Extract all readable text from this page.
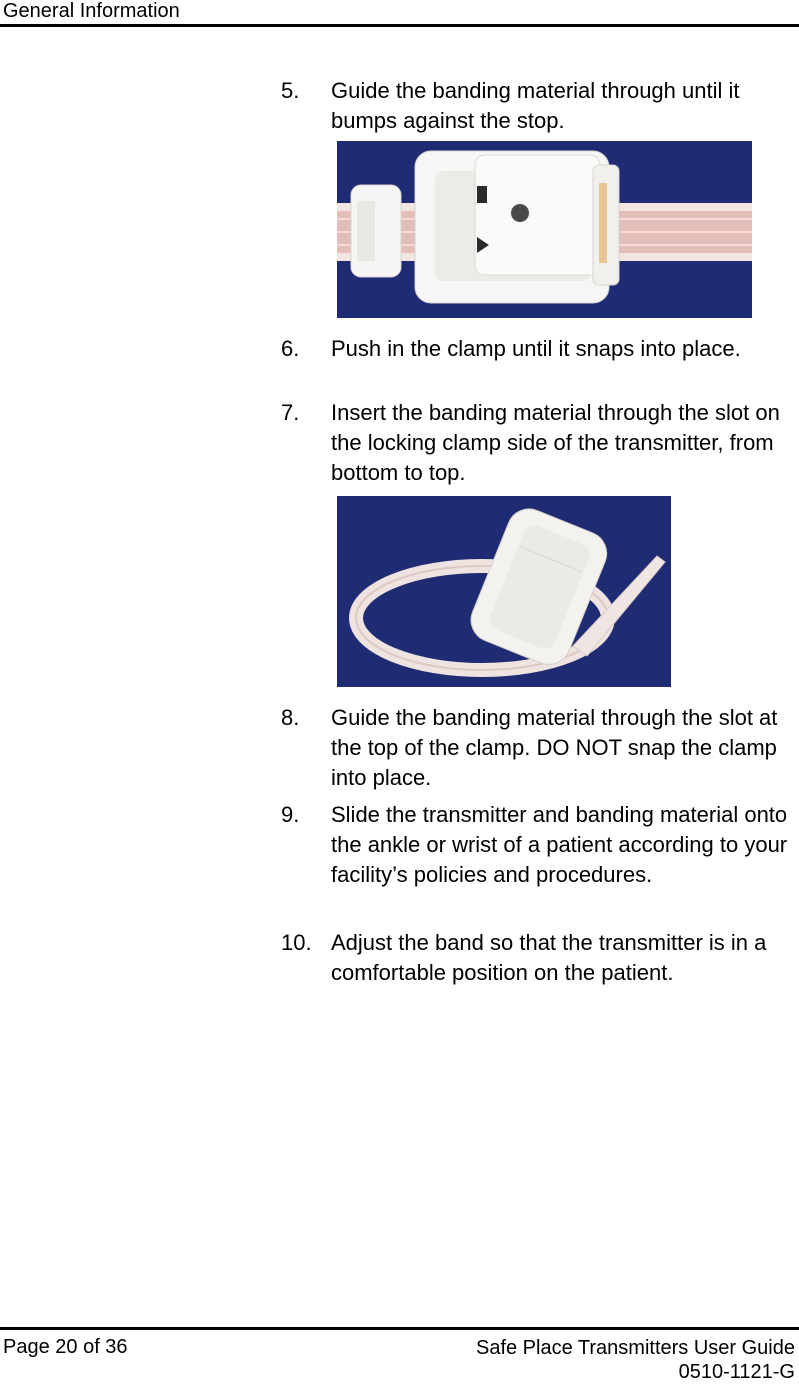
General Information
5. Guide the banding material through until it bumps against the stop.
6. Push in the clamp until it snaps into place.
7. Insert the banding material through the slot on the locking clamp side of the transmitter, from bottom to top.
8. Guide the banding material through the slot at the top of the clamp. DO NOT snap the clamp into place.
9. Slide the transmitter and banding material onto the ankle or wrist of a patient according to your facility’s policies and procedures.
10. Adjust the band so that the transmitter is in a comfortable position on the patient.
Page 20 of 36	Safe Place Transmitters User Guide
0510-1121-G
